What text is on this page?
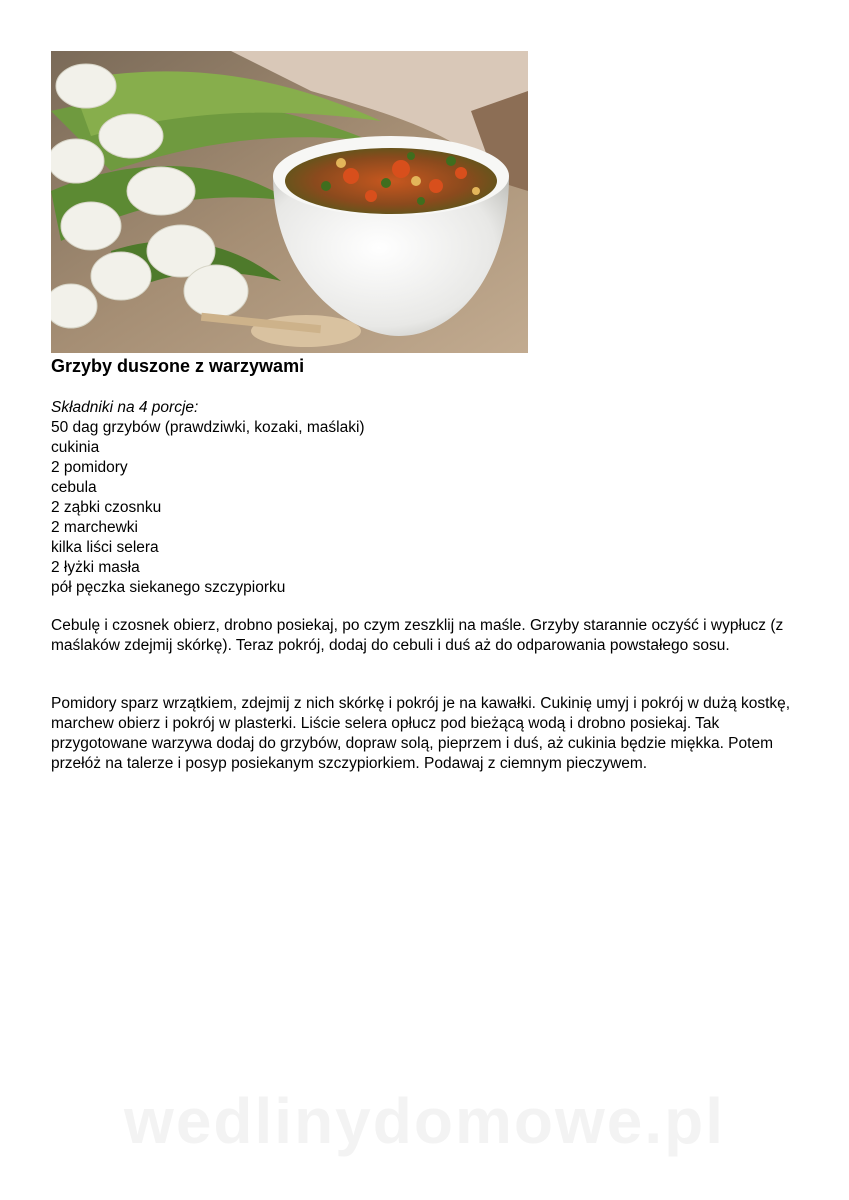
Grzyby duszone z warzywami
Składniki na 4 porcje:
50 dag grzybów (prawdziwki, kozaki, maślaki)
cukinia
2 pomidory
cebula
2 ząbki czosnku
2 marchewki
kilka liści selera
2 łyżki masła
pół pęczka siekanego szczypiorku

Cebulę i czosnek obierz, drobno posiekaj, po czym zeszklij na maśle. Grzyby starannie oczyść i wypłucz (z maślaków zdejmij skórkę). Teraz pokrój, dodaj do cebuli i duś aż do odparowania powstałego sosu.

Pomidory sparz wrzątkiem, zdejmij z nich skórkę i pokrój je na kawałki. Cukinię umyj i pokrój w dużą kostkę, marchew obierz i pokrój w plasterki. Liście selera opłucz pod bieżącą wodą i drobno posiekaj. Tak przygotowane warzywa dodaj do grzybów, dopraw solą, pieprzem i duś, aż cukinia będzie miękka. Potem przełóż na talerze i posyp posiekanym szczypiorkiem. Podawaj z ciemnym pieczywem.

wedlinydomowe.pl
